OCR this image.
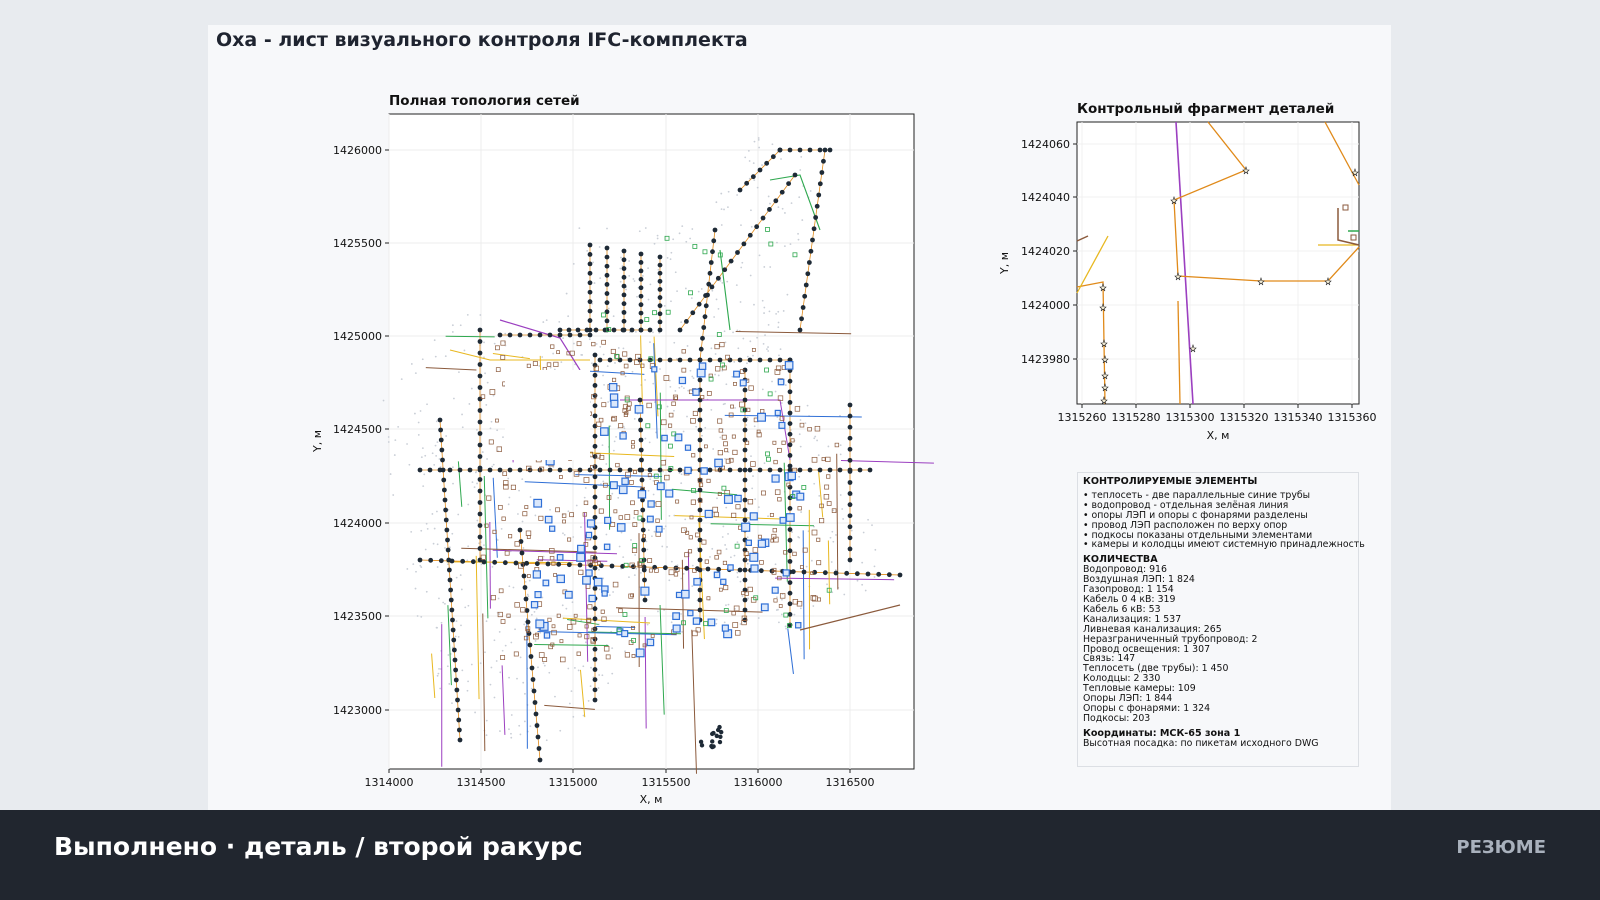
Оха - лист визуального контроля IFC-комплекта
Полная топология сетей
1314000	1314500	1315000	1315500	1316000	1316500
1426000
1425500
1425000
1424500
1424000
1423500
1423000
X, м
Y, м
Контрольный фрагмент деталей
1315260 1315280 1315300 1315320 1315340 1315360
1424060
1424040
1424020
1424000
1423980
X, м
Y, м
КОНТРОЛИРУЕМЫЕ ЭЛЕМЕНТЫ
• теплосеть - две параллельные синие трубы
• водопровод - отдельная зелёная линия
• опоры ЛЭП и опоры с фонарями разделены
• провод ЛЭП расположен по верху опор
• подкосы показаны отдельными элементами
• камеры и колодцы имеют системную принадлежность
КОЛИЧЕСТВА
Водопровод: 916
Воздушная ЛЭП: 1 824
Газопровод: 1 154
Кабель 0 4 кВ: 319
Кабель 6 кВ: 53
Канализация: 1 537
Ливневая канализация: 265
Неразграниченный трубопровод: 2
Провод освещения: 1 307
Связь: 147
Теплосеть (две трубы): 1 450
Колодцы: 2 330
Тепловые камеры: 109
Опоры ЛЭП: 1 844
Опоры с фонарями: 1 324
Подкосы: 203
Координаты: МСК-65 зона 1
Высотная посадка: по пикетам исходного DWG
Выполнено · деталь / второй ракурс	РЕЗЮМЕ
